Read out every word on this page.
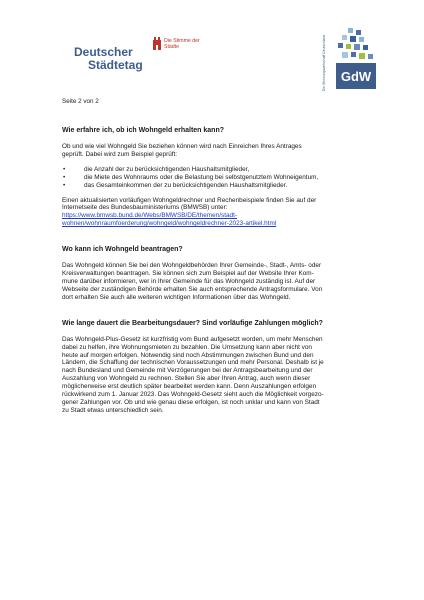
Deutscher
Städtetag
Die Stimme der Städte	Die Wohnungswirtschaft Deutschland GdW
Seite 2 von 2

Wie erfahre ich, ob ich Wohngeld erhalten kann?

Ob und wie viel Wohngeld Sie beziehen können wird nach Einreichen Ihres Antrages

geprüft. Dabei wird zum Beispiel geprüft:

• die Anzahl der zu berücksichtigenden Haushaltsmitglieder,
• die Miete des Wohnraums oder die Belastung bei selbstgenutztem Wohneigentum,
• das Gesamteinkommen der zu berücksichtigenden Haushaltsmitglieder.

Einen aktualisierten vorläufigen Wohngeldrechner und Rechenbeispiele finden Sie auf der

Internetseite des Bundesbauministeriums (BMWSB) unter:

https://www.bmwsb.bund.de/Webs/BMWSB/DE/themen/stadt-

wohnen/wohnraumfoerderung/wohngeld/wohngeldrechner-2023-artikel.html

Wo kann ich Wohngeld beantragen?

Das Wohngeld können Sie bei den Wohngeldbehörden Ihrer Gemeinde-, Stadt-, Amts- oder

Kreisverwaltungen beantragen. Sie können sich zum Beispiel auf der Website Ihrer Kom-

mune darüber informieren, wer in Ihrer Gemeinde für das Wohngeld zuständig ist. Auf der

Webseite der zuständigen Behörde erhalten Sie auch entsprechende Antragsformulare. Von

dort erhalten Sie auch alle weiteren wichtigen Informationen über das Wohngeld.

Wie lange dauert die Bearbeitungsdauer? Sind vorläufige Zahlungen möglich?

Das Wohngeld-Plus-Gesetz ist kurzfristig vom Bund aufgesetzt worden, um mehr Menschen

dabei zu helfen, ihre Wohnungsmieten zu bezahlen. Die Umsetzung kann aber nicht von

heute auf morgen erfolgen. Notwendig sind noch Abstimmungen zwischen Bund und den

Ländern, die Schaffung der technischen Voraussetzungen und mehr Personal. Deshalb ist je

nach Bundesland und Gemeinde mit Verzögerungen bei der Antragsbearbeitung und der

Auszahlung von Wohngeld zu rechnen. Stellen Sie aber Ihren Antrag, auch wenn dieser

möglicherweise erst deutlich später bearbeitet werden kann. Denn Auszahlungen erfolgen

rückwirkend zum 1. Januar 2023. Das Wohngeld-Gesetz sieht auch die Möglichkeit vorgezo-

gener Zahlungen vor. Ob und wie genau diese erfolgen, ist noch unklar und kann von Stadt

zu Stadt etwas unterschiedlich sein.
